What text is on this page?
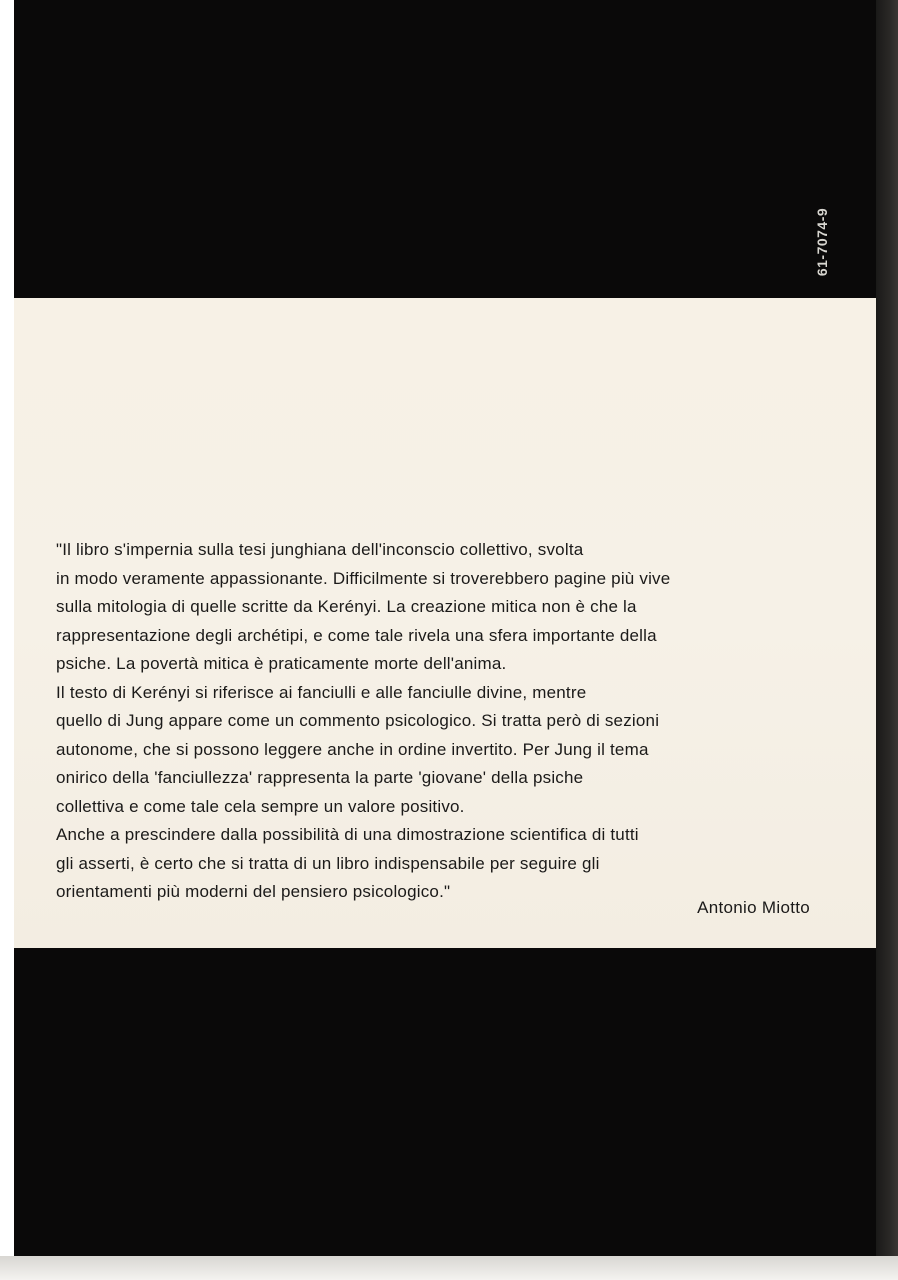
61-7074-9

"Il libro s'impernia sulla tesi junghiana dell'inconscio collettivo, svolta

in modo veramente appassionante. Difficilmente si troverebbero pagine più vive

sulla mitologia di quelle scritte da Kerényi. La creazione mitica non è che la

rappresentazione degli archétipi, e come tale rivela una sfera importante della

psiche. La povertà mitica è praticamente morte dell'anima.

Il testo di Kerényi si riferisce ai fanciulli e alle fanciulle divine, mentre

quello di Jung appare come un commento psicologico. Si tratta però di sezioni

autonome, che si possono leggere anche in ordine invertito. Per Jung il tema

onirico della 'fanciullezza' rappresenta la parte 'giovane' della psiche

collettiva e come tale cela sempre un valore positivo.

Anche a prescindere dalla possibilità di una dimostrazione scientifica di tutti

gli asserti, è certo che si tratta di un libro indispensabile per seguire gli

orientamenti più moderni del pensiero psicologico."

Antonio Miotto
